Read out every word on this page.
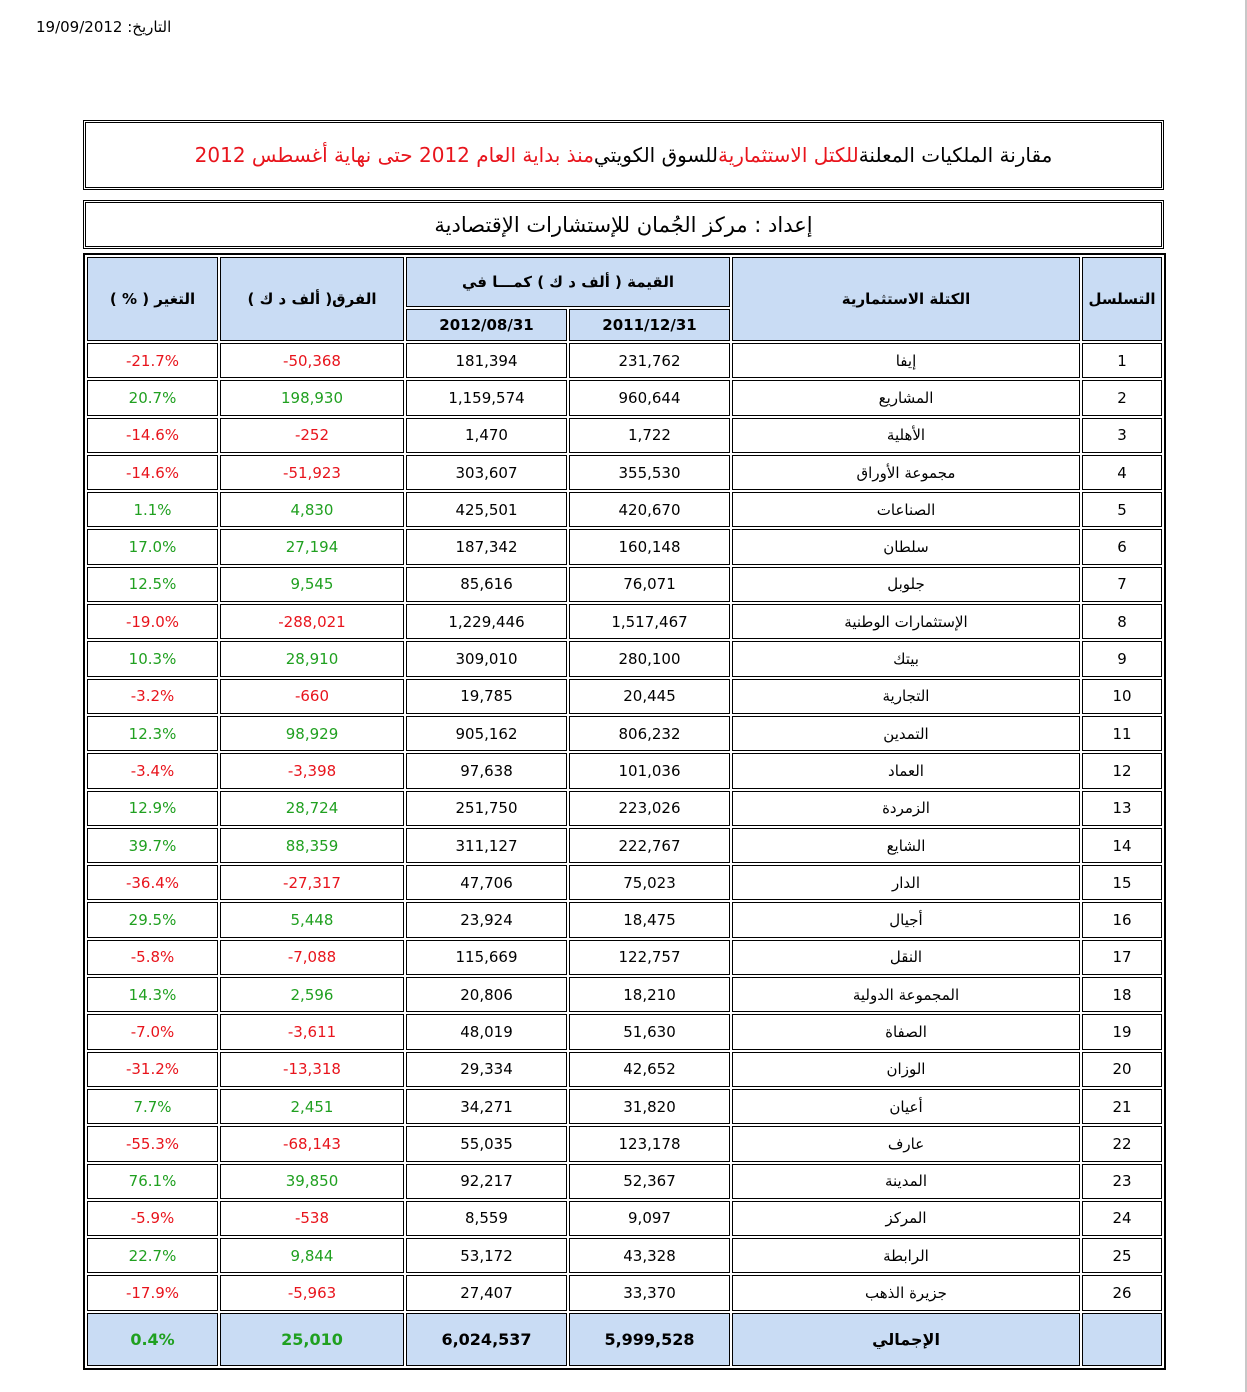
التاريخ: 19/09/2012
مقارنة الملكيات المعلنة
للكتل الاستثمارية
للسوق الكويتي
منذ بداية العام 2012 حتى نهاية أغسطس 2012
إعداد : مركز الجُمان للإستشارات الإقتصادية
التسلسل	الكتلة الاستثمارية	القيمة ( ألف د ك ) كمـــا في		الفرق( ألف د ك )	التغير ( % )
		2011/12/31	2012/08/31		
1	إيفا	231,762	181,394	-50,368	-21.7%
2	المشاريع	960,644	1,159,574	198,930	20.7%
3	الأهلية	1,722	1,470	-252	-14.6%
4	مجموعة الأوراق	355,530	303,607	-51,923	-14.6%
5	الصناعات	420,670	425,501	4,830	1.1%
6	سلطان	160,148	187,342	27,194	17.0%
7	جلوبل	76,071	85,616	9,545	12.5%
8	الإستثمارات الوطنية	1,517,467	1,229,446	-288,021	-19.0%
9	بيتك	280,100	309,010	28,910	10.3%
10	التجارية	20,445	19,785	-660	-3.2%
11	التمدين	806,232	905,162	98,929	12.3%
12	العماد	101,036	97,638	-3,398	-3.4%
13	الزمردة	223,026	251,750	28,724	12.9%
14	الشايع	222,767	311,127	88,359	39.7%
15	الدار	75,023	47,706	-27,317	-36.4%
16	أجيال	18,475	23,924	5,448	29.5%
17	النقل	122,757	115,669	-7,088	-5.8%
18	المجموعة الدولية	18,210	20,806	2,596	14.3%
19	الصفاة	51,630	48,019	-3,611	-7.0%
20	الوزان	42,652	29,334	-13,318	-31.2%
21	أعيان	31,820	34,271	2,451	7.7%
22	عارف	123,178	55,035	-68,143	-55.3%
23	المدينة	52,367	92,217	39,850	76.1%
24	المركز	9,097	8,559	-538	-5.9%
25	الرابطة	43,328	53,172	9,844	22.7%
26	جزيرة الذهب	33,370	27,407	-5,963	-17.9%
	الإجمالي	5,999,528	6,024,537	25,010	0.4%
